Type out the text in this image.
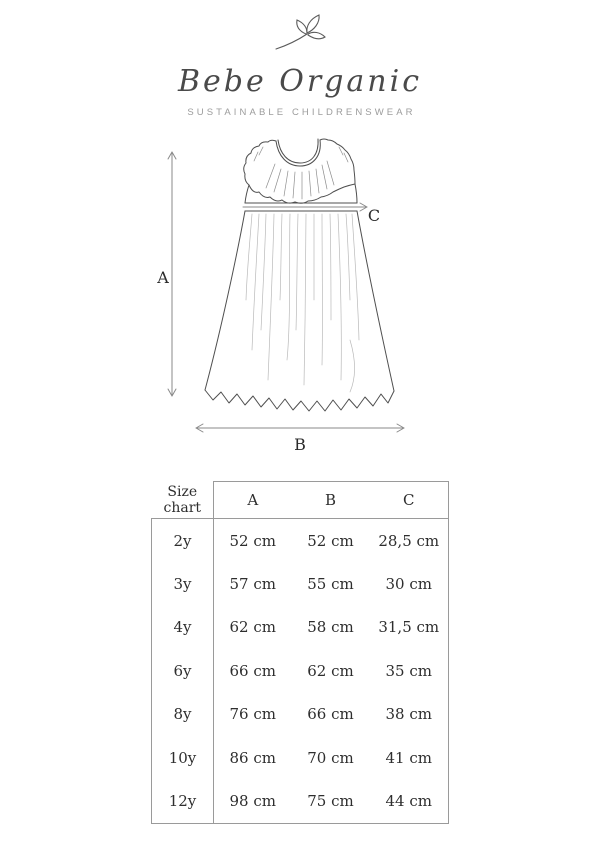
Bebe Organic
SUSTAINABLE CHILDRENSWEAR
A
B
C
Size chart	A	B	C
2y	52 cm	52 cm	28,5 cm
3y	57 cm	55 cm	30 cm
4y	62 cm	58 cm	31,5 cm
6y	66 cm	62 cm	35 cm
8y	76 cm	66 cm	38 cm
10y	86 cm	70 cm	41 cm
12y	98 cm	75 cm	44 cm
